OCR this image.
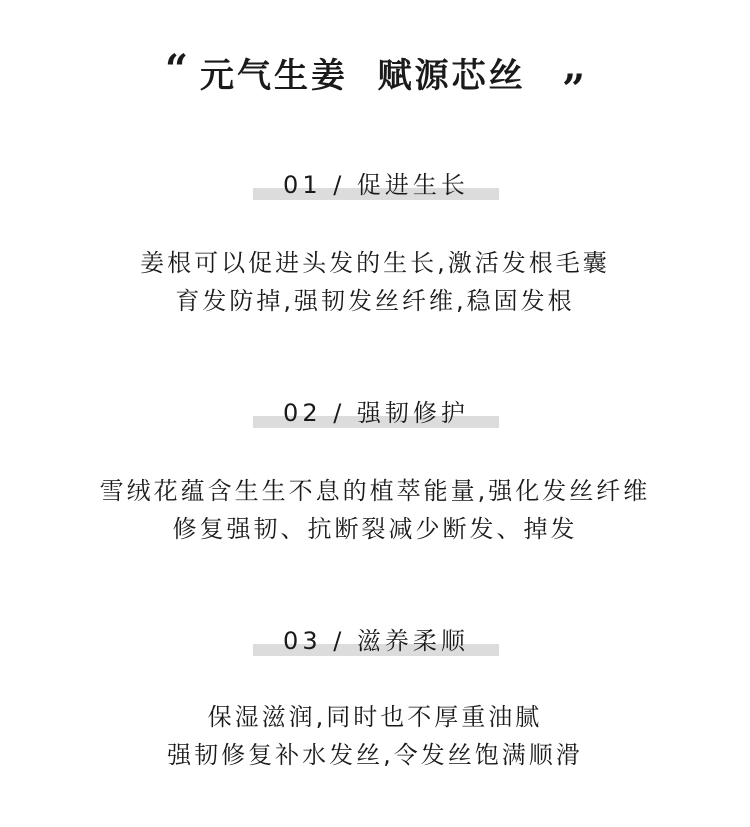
“ 元气生姜  赋源芯丝 ”
01 / 促进生长
姜根可以促进头发的生长,激活发根毛囊
育发防掉,强韧发丝纤维,稳固发根
02 / 强韧修护
雪绒花蕴含生生不息的植萃能量,强化发丝纤维
修复强韧、抗断裂减少断发、掉发
03 / 滋养柔顺
保湿滋润,同时也不厚重油腻
强韧修复补水发丝,令发丝饱满顺滑
